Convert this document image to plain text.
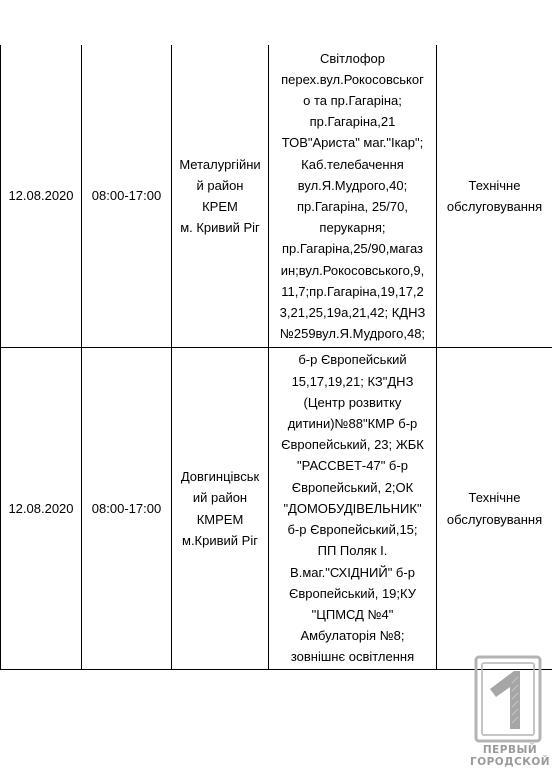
12.08.2020 08:00-17:00
Металургійни
й район
КРЕМ
м. Кривий Ріг
Світлофор
перех.вул.Рокосовськог
о та пр.Гагаріна;
пр.Гагаріна,21
ТОВ"Ариста" маг."Ікар";
Каб.телебачення
вул.Я.Мудрого,40;
пр.Гагаріна, 25/70,
перукарня;
пр.Гагаріна,25/90,магаз
ин;вул.Рокосовського,9,
11,7;пр.Гагаріна,19,17,2
3,21,25,19а,21,42; КДНЗ
№259вул.Я.Мудрого,48;
Технічне
обслуговування
12.08.2020 08:00-17:00
Довгинцівськ
ий район
КМРЕМ
м.Кривий Ріг
б-р Європейський
15,17,19,21; КЗ"ДНЗ
(Центр розвитку
дитини)№88"КМР б-р
Європейський, 23; ЖБК
"РАССВЕТ-47" б-р
Європейський, 2;ОК
"ДОМОБУДІВЕЛЬНИК"
б-р Європейський,15;
ПП Поляк І.
В.маг."СХІДНИЙ" б-р
Європейський, 19;КУ
"ЦПМСД №4"
Амбулаторія №8;
зовнішнє освітлення
Технічне
обслуговування
ПЕРВЫЙ
ГОРОДСКОЙ
